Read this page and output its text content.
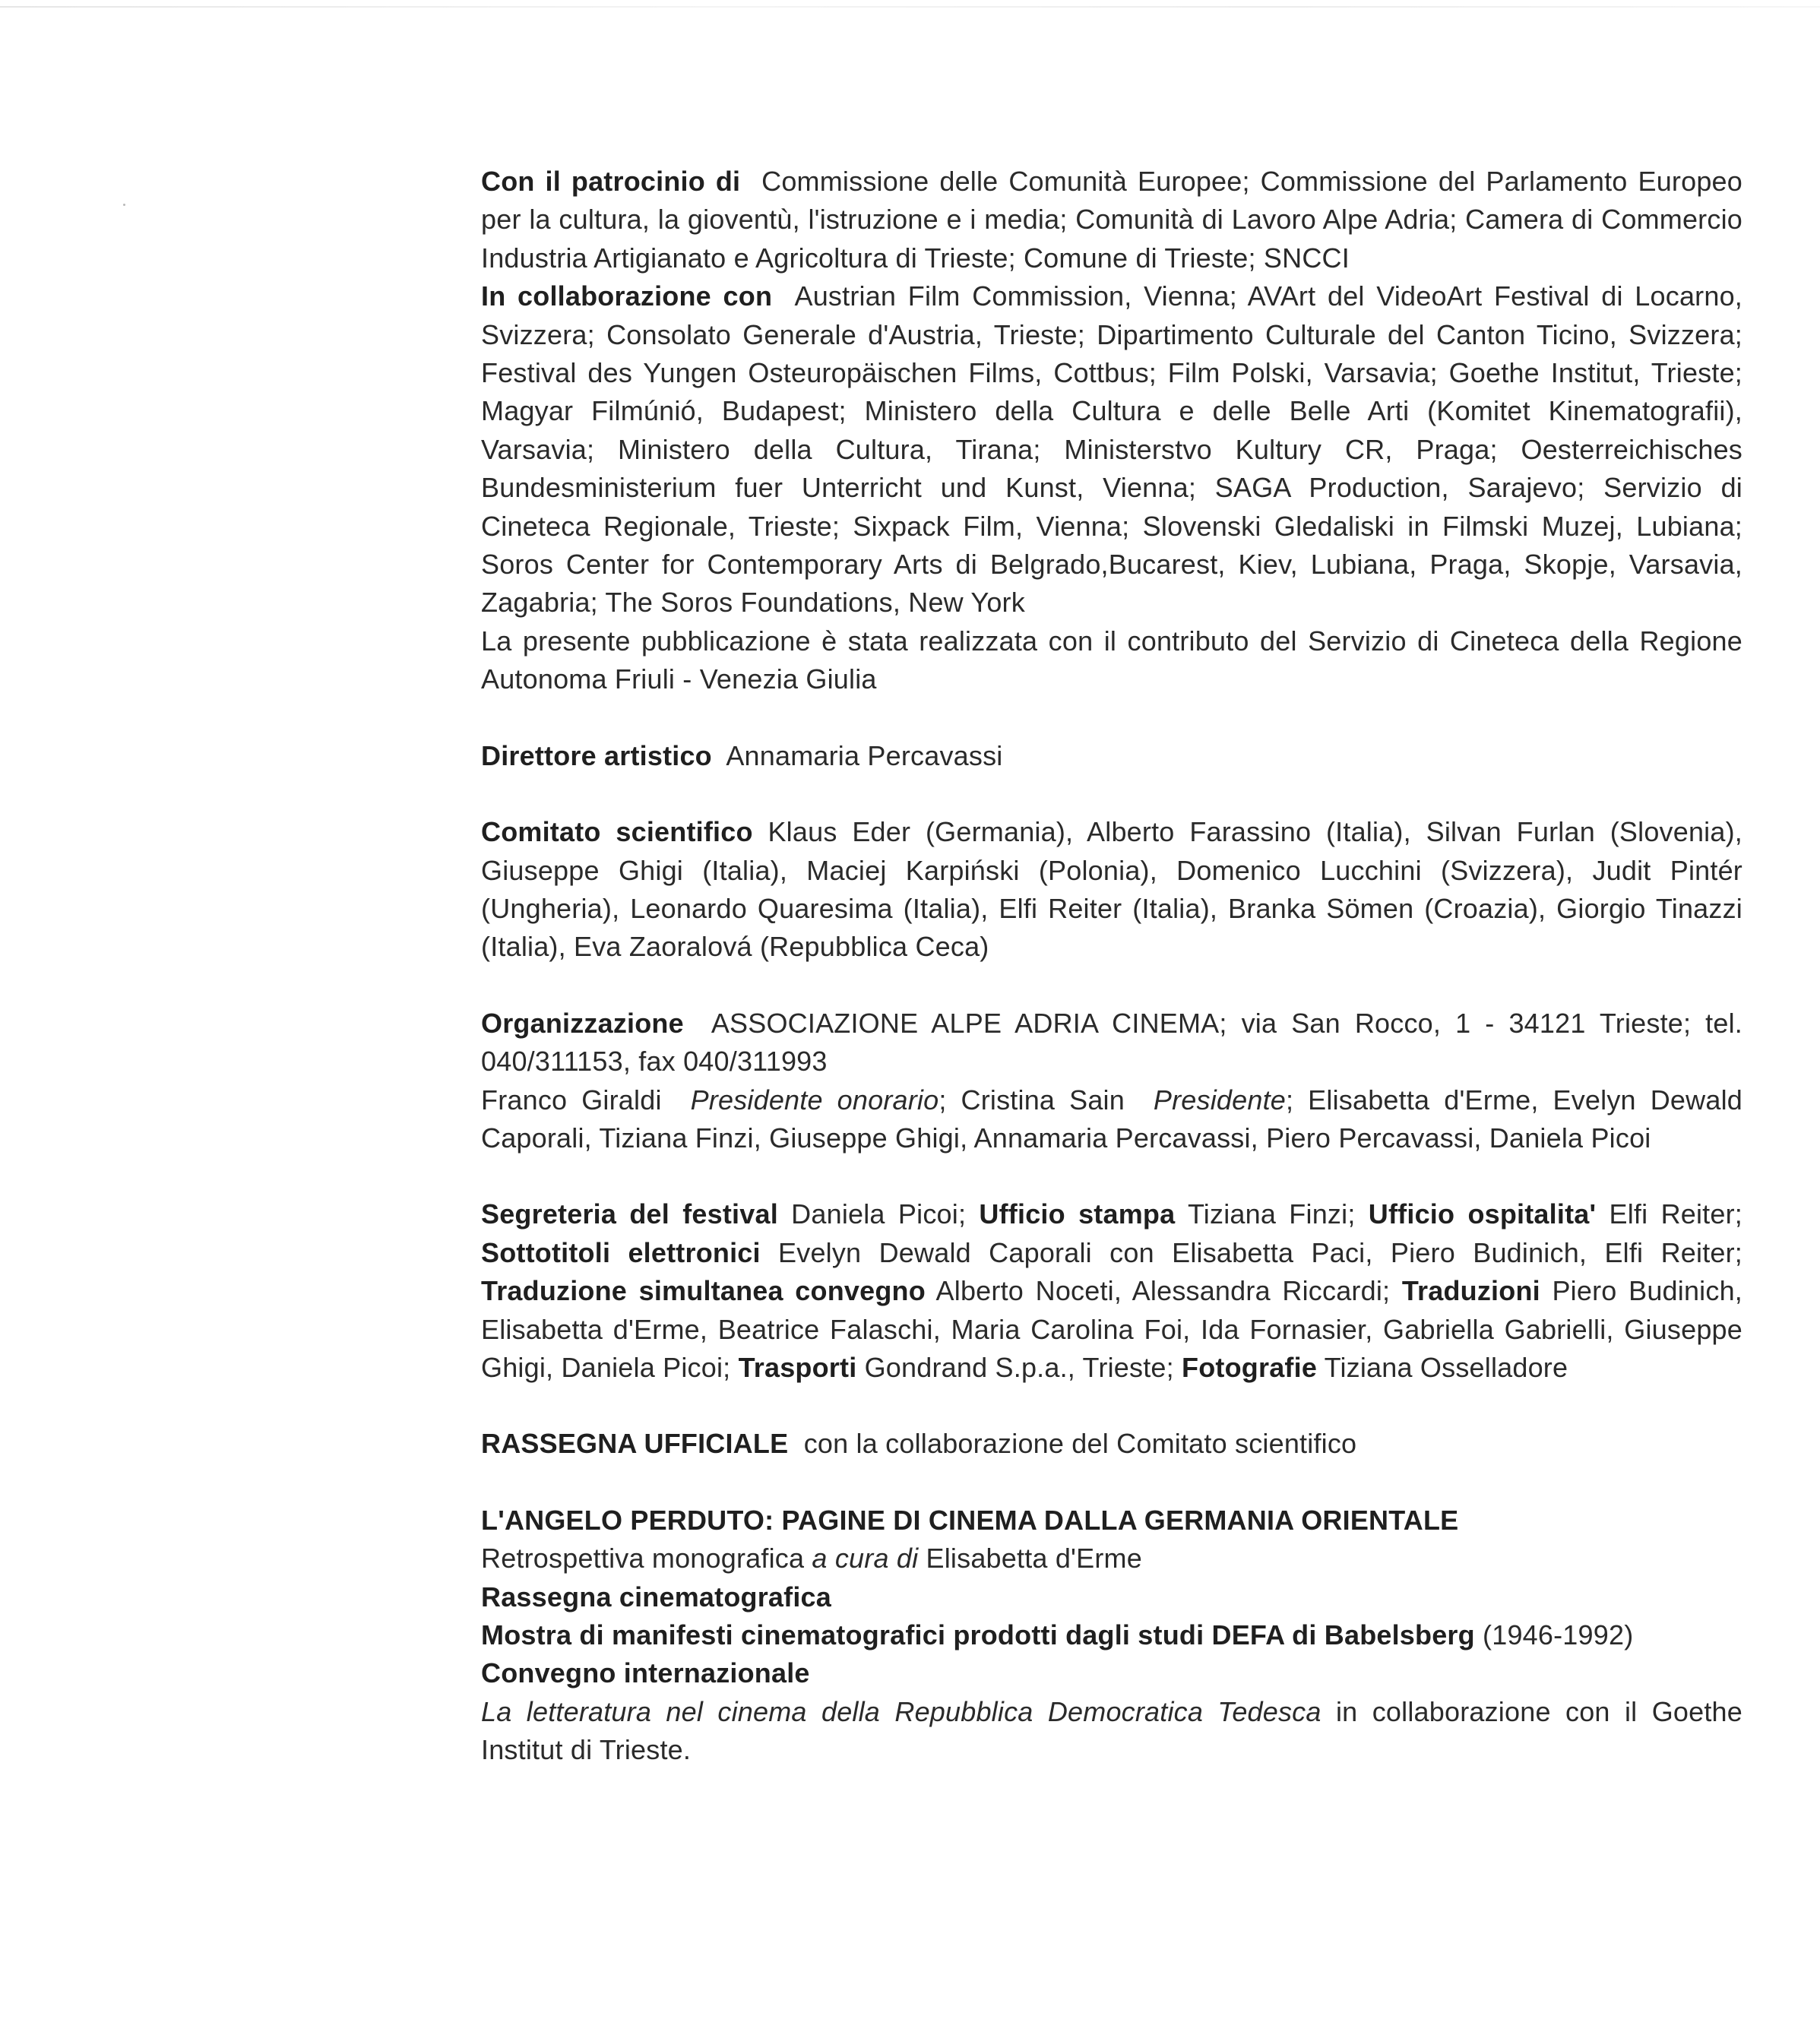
Con il patrocinio di Commissione delle Comunità Europee; Commissione del Parlamento Europeo per la cultura, la gioventù, l'istruzione e i media; Comunità di Lavoro Alpe Adria; Camera di Commercio Industria Artigianato e Agricoltura di Trieste; Comune di Trieste; SNCCI

In collaborazione con Austrian Film Commission, Vienna; AVArt del VideoArt Festival di Locarno, Svizzera; Consolato Generale d'Austria, Trieste; Dipartimento Culturale del Canton Ticino, Svizzera; Festival des Yungen Osteuropäischen Films, Cottbus; Film Polski, Varsavia; Goethe Institut, Trieste; Magyar Filmúnió, Budapest; Ministero della Cultura e delle Belle Arti (Komitet Kinematografii), Varsavia; Ministero della Cultura, Tirana; Ministerstvo Kultury CR, Praga; Oesterreichisches Bundesministerium fuer Unterricht und Kunst, Vienna; SAGA Production, Sarajevo; Servizio di Cineteca Regionale, Trieste; Sixpack Film, Vienna; Slovenski Gledaliski in Filmski Muzej, Lubiana; Soros Center for Contemporary Arts di Belgrado,Bucarest, Kiev, Lubiana, Praga, Skopje, Varsavia, Zagabria; The Soros Foundations, New York

La presente pubblicazione è stata realizzata con il contributo del Servizio di Cineteca della Regione Autonoma Friuli - Venezia Giulia

Direttore artistico Annamaria Percavassi

Comitato scientifico Klaus Eder (Germania), Alberto Farassino (Italia), Silvan Furlan (Slovenia), Giuseppe Ghigi (Italia), Maciej Karpiński (Polonia), Domenico Lucchini (Svizzera), Judit Pintér (Ungheria), Leonardo Quaresima (Italia), Elfi Reiter (Italia), Branka Sömen (Croazia), Giorgio Tinazzi (Italia), Eva Zaoralová (Repubblica Ceca)

Organizzazione ASSOCIAZIONE ALPE ADRIA CINEMA; via San Rocco, 1 - 34121 Trieste; tel. 040/311153, fax 040/311993

Franco Giraldi Presidente onorario; Cristina Sain Presidente; Elisabetta d'Erme, Evelyn Dewald Caporali, Tiziana Finzi, Giuseppe Ghigi, Annamaria Percavassi, Piero Percavassi, Daniela Picoi

Segreteria del festival Daniela Picoi; Ufficio stampa Tiziana Finzi; Ufficio ospitalita' Elfi Reiter; Sottotitoli elettronici Evelyn Dewald Caporali con Elisabetta Paci, Piero Budinich, Elfi Reiter; Traduzione simultanea convegno Alberto Noceti, Alessandra Riccardi; Traduzioni Piero Budinich, Elisabetta d'Erme, Beatrice Falaschi, Maria Carolina Foi, Ida Fornasier, Gabriella Gabrielli, Giuseppe Ghigi, Daniela Picoi; Trasporti Gondrand S.p.a., Trieste; Fotografie Tiziana Osselladore

RASSEGNA UFFICIALE con la collaborazione del Comitato scientifico

L'ANGELO PERDUTO: PAGINE DI CINEMA DALLA GERMANIA ORIENTALE

Retrospettiva monografica a cura di Elisabetta d'Erme

Rassegna cinematografica

Mostra di manifesti cinematografici prodotti dagli studi DEFA di Babelsberg (1946-1992)

Convegno internazionale

La letteratura nel cinema della Repubblica Democratica Tedesca in collaborazione con il Goethe Institut di Trieste.
